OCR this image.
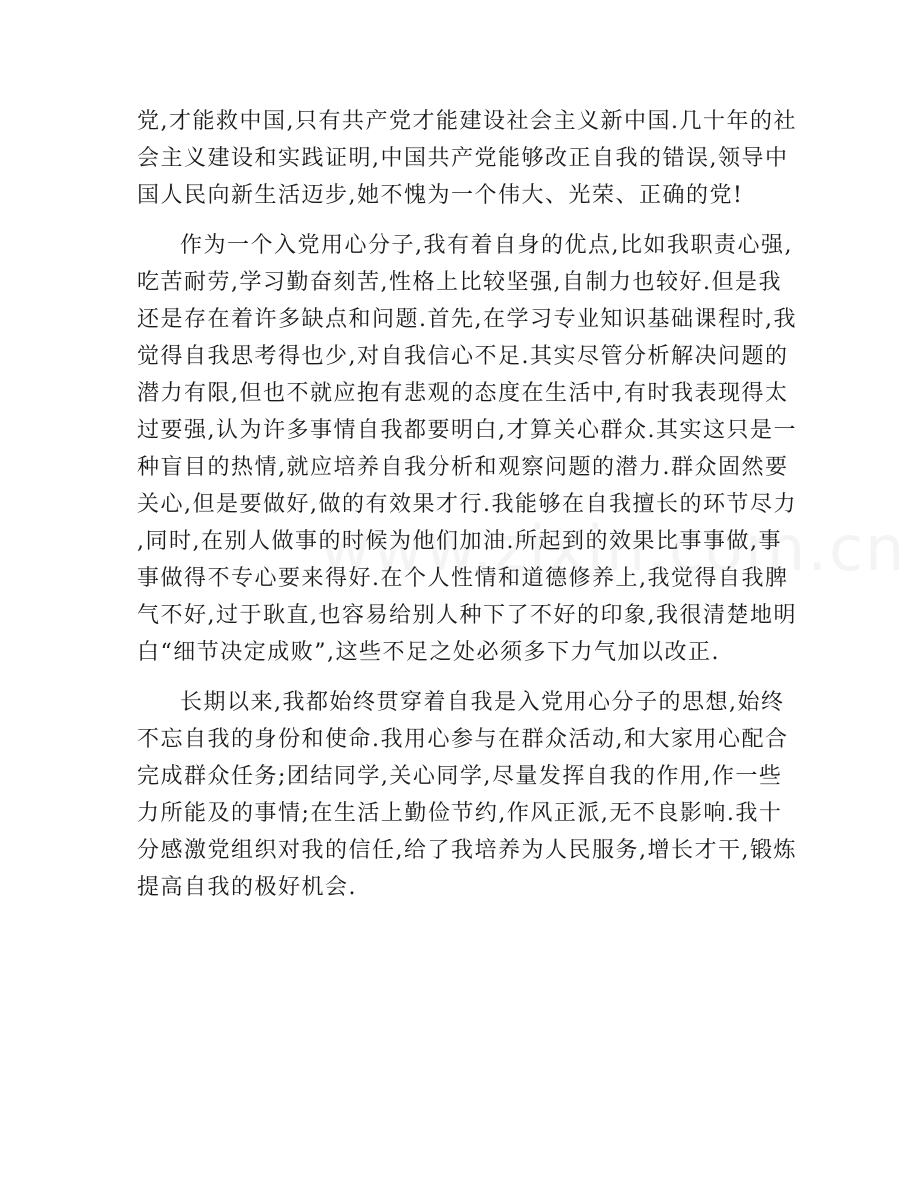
党,才能救中国,只有共产党才能建设社会主义新中国.几十年的社
会主义建设和实践证明,中国共产党能够改正自我的错误,领导中
国人民向新生活迈步,她不愧为一个伟大、光荣、正确的党!
作为一个入党用心分子,我有着自身的优点,比如我职责心强,
吃苦耐劳,学习勤奋刻苦,性格上比较坚强,自制力也较好.但是我
还是存在着许多缺点和问题.首先,在学习专业知识基础课程时,我
觉得自我思考得也少,对自我信心不足.其实尽管分析解决问题的
潜力有限,但也不就应抱有悲观的态度在生活中,有时我表现得太
过要强,认为许多事情自我都要明白,才算关心群众.其实这只是一
种盲目的热情,就应培养自我分析和观察问题的潜力.群众固然要
关心,但是要做好,做的有效果才行.我能够在自我擅长的环节尽力
,同时,在别人做事的时候为他们加油.所起到的效果比事事做,事
事做得不专心要来得好.在个人性情和道德修养上,我觉得自我脾
气不好,过于耿直,也容易给别人种下了不好的印象,我很清楚地明
白“细节决定成败”,这些不足之处必须多下力气加以改正.
长期以来,我都始终贯穿着自我是入党用心分子的思想,始终
不忘自我的身份和使命.我用心参与在群众活动,和大家用心配合
完成群众任务;团结同学,关心同学,尽量发挥自我的作用,作一些
力所能及的事情;在生活上勤俭节约,作风正派,无不良影响.我十
分感激党组织对我的信任,给了我培养为人民服务,增长才干,锻炼
提高自我的极好机会.
